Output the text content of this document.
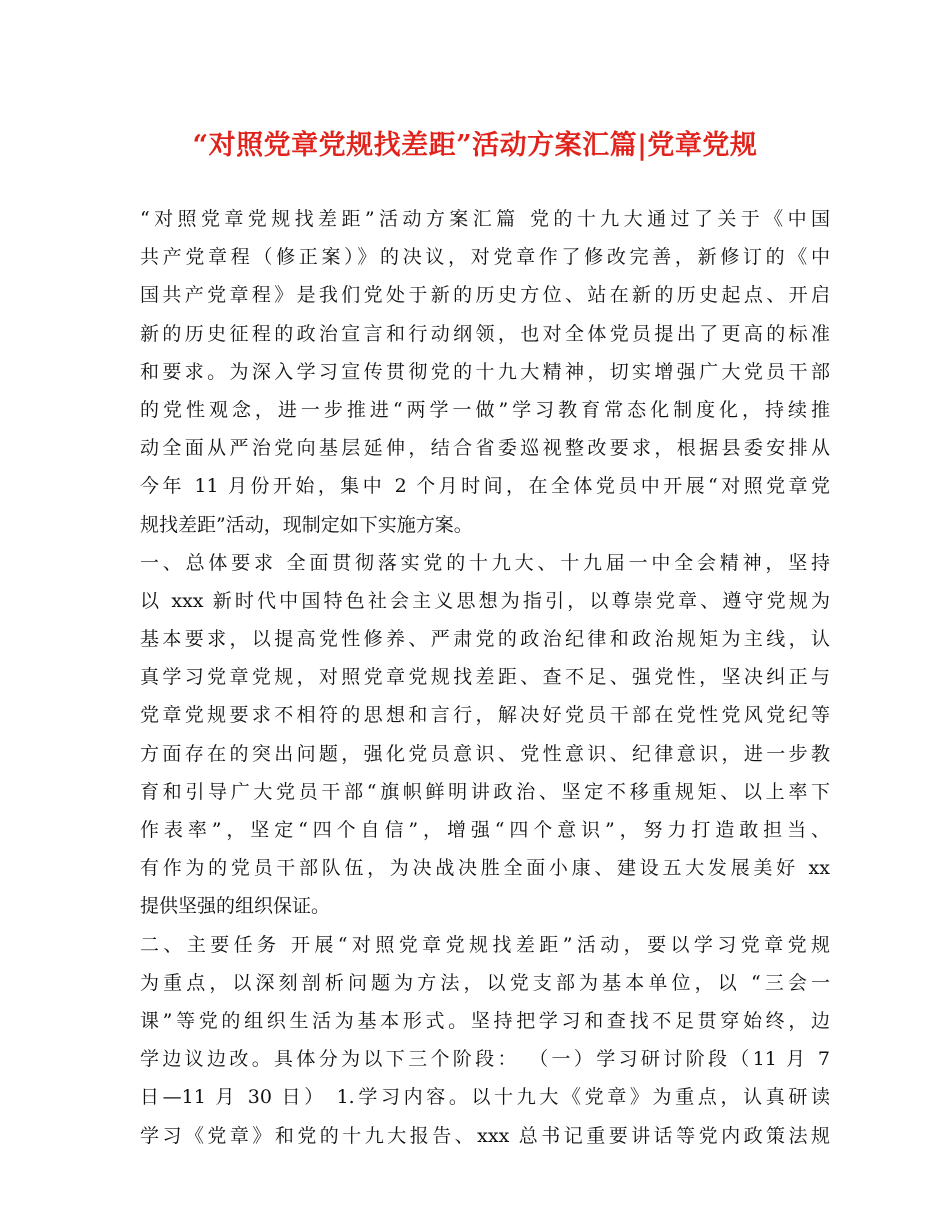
“对照党章党规找差距”活动方案汇篇|党章党规
“对照党章党规找差距”活动方案汇篇 党的十九大通过了关于《中国
共产党章程（修正案）》的决议，对党章作了修改完善，新修订的《中
国共产党章程》是我们党处于新的历史方位、站在新的历史起点、开启
新的历史征程的政治宣言和行动纲领，也对全体党员提出了更高的标准
和要求。为深入学习宣传贯彻党的十九大精神，切实增强广大党员干部
的党性观念，进一步推进“两学一做”学习教育常态化制度化，持续推
动全面从严治党向基层延伸，结合省委巡视整改要求，根据县委安排从
今年 11 月份开始，集中 2 个月时间，在全体党员中开展“对照党章党
规找差距”活动，现制定如下实施方案。
一、总体要求 全面贯彻落实党的十九大、十九届一中全会精神，坚持
以 xxx 新时代中国特色社会主义思想为指引，以尊崇党章、遵守党规为
基本要求，以提高党性修养、严肃党的政治纪律和政治规矩为主线，认
真学习党章党规，对照党章党规找差距、查不足、强党性，坚决纠正与
党章党规要求不相符的思想和言行，解决好党员干部在党性党风党纪等
方面存在的突出问题，强化党员意识、党性意识、纪律意识，进一步教
育和引导广大党员干部“旗帜鲜明讲政治、坚定不移重规矩、以上率下
作表率”，坚定“四个自信”，增强“四个意识”，努力打造敢担当、
有作为的党员干部队伍，为决战决胜全面小康、建设五大发展美好 xx
提供坚强的组织保证。
二、主要任务 开展“对照党章党规找差距”活动，要以学习党章党规
为重点，以深刻剖析问题为方法，以党支部为基本单位，以 “三会一
课”等党的组织生活为基本形式。坚持把学习和查找不足贯穿始终，边
学边议边改。具体分为以下三个阶段： （一）学习研讨阶段（11 月 7
日—11 月 30 日） 1.学习内容。以十九大《党章》为重点，认真研读
学习《党章》和党的十九大报告、xxx 总书记重要讲话等党内政策法规
